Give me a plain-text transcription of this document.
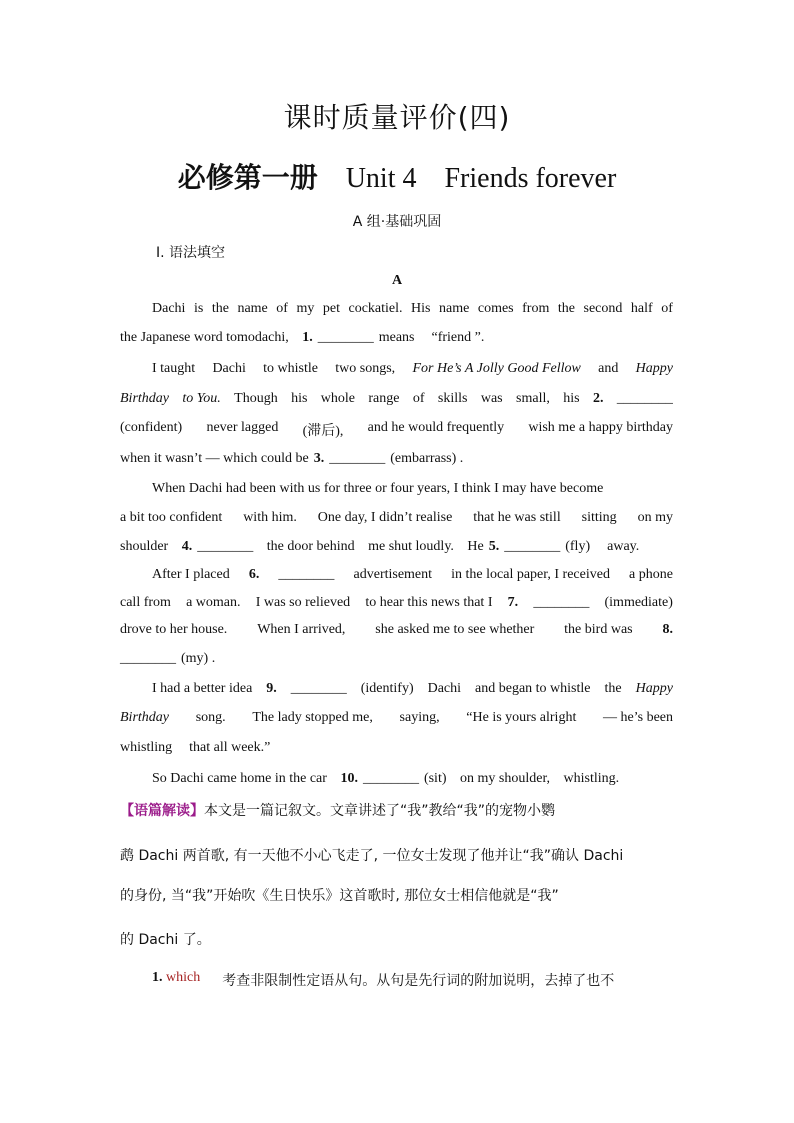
课时质量评价(四)
必修第一册 Unit 4    Friends forever
A 组·基础巩固
Ⅰ. 语法填空
A
Dachi is the name of my pet cockatiel. His name comes from the second half of
the Japanese word tomodachi,
1. ________ means
“friend ”.
I taught Dachi to whistle two songs, For He’s A Jolly Good Fellow and Happy
Birthday to You. Though his whole range of skills was small, his 2. ________
(confident) never lagged (滞后), and he would frequently wish me a happy birthday
when it wasn’t — which could be 3. ________ (embarrass) .
When Dachi had been with us for three or four years, I think I may have become
a bit too confident with him. One day, I didn’t realise that he was still sitting on my
shoulder
4. ________
the door behind
me shut loudly.
He 5. ________ (fly)
away.
After I placed 6. ________ advertisement in the local paper, I received a phone
call from a woman. I was so relieved to hear this news that I 7. ________ (immediate)
drove to her house. When I arrived, she asked me to see whether the bird was 8.
________ (my) .
I had a better idea 9. ________ (identify) Dachi and began to whistle the Happy
Birthday song. The lady stopped me, saying, “He is yours alright — he’s been
whistling
that all week.”
So Dachi came home in the car
10. ________ (sit)
on my shoulder,
whistling.
【语篇解读】 本文是一篇记叙文。文章讲述了“我”教给“我”的宠物小鹦
鹉 Dachi 两首歌, 有一天他不小心飞走了, 一位女士发现了他并让“我”确认 Dachi
的身份, 当“我”开始吹《生日快乐》这首歌时, 那位女士相信他就是“我”
的 Dachi 了。
1. which 考查非限制性定语从句。从句是先行词的附加说明，去掉了也不
